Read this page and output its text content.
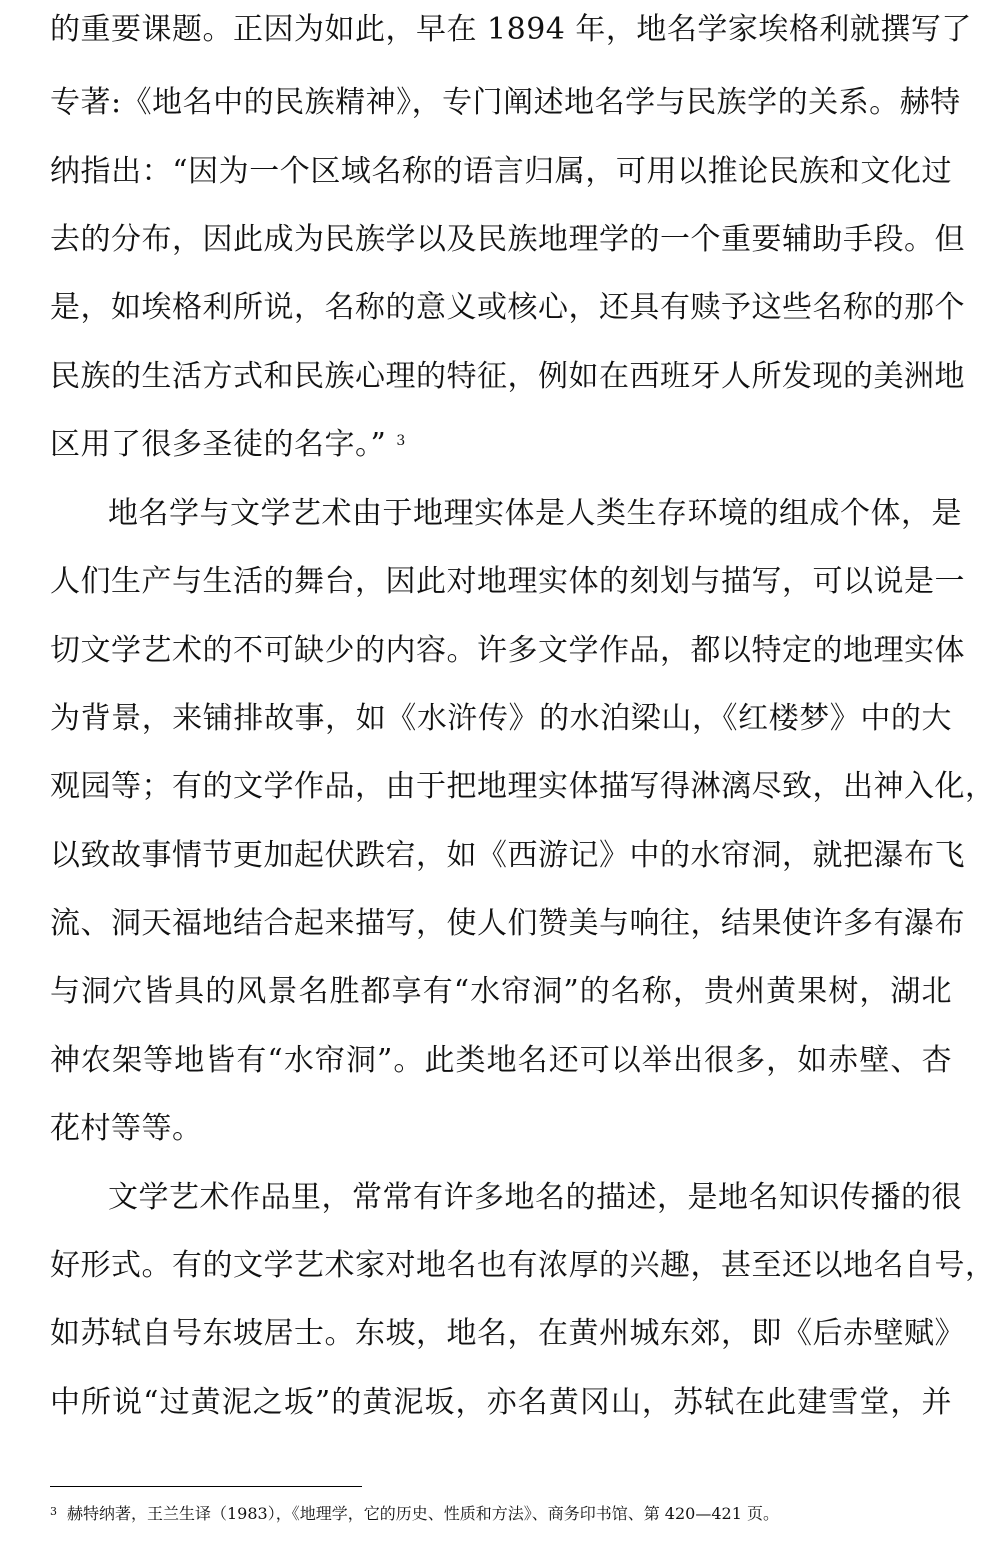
的重要课题。正因为如此，早在 1894 年，地名学家埃格利就撰写了
专著:《地名中的民族精神》，专门阐述地名学与民族学的关系。赫特
纳指出：“因为一个区域名称的语言归属，可用以推论民族和文化过
去的分布，因此成为民族学以及民族地理学的一个重要辅助手段。但
是，如埃格利所说，名称的意义或核心，还具有赎予这些名称的那个
民族的生活方式和民族心理的特征，例如在西班牙人所发现的美洲地
区用了很多圣徒的名字。” $^3$
地名学与文学艺术由于地理实体是人类生存环境的组成个体，是
人们生产与生活的舞台，因此对地理实体的刻划与描写，可以说是一
切文学艺术的不可缺少的内容。许多文学作品，都以特定的地理实体
为背景，来铺排故事，如《水浒传》的水泊梁山，《红楼梦》中的大
观园等；有的文学作品，由于把地理实体描写得淋漓尽致，出神入化，
以致故事情节更加起伏跌宕，如《西游记》中的水帘洞，就把瀑布飞
流、洞天福地结合起来描写，使人们赞美与响往，结果使许多有瀑布
与洞穴皆具的风景名胜都享有“水帘洞”的名称，贵州黄果树，湖北
神农架等地皆有“水帘洞”。此类地名还可以举出很多，如赤壁、杏
花村等等。
文学艺术作品里，常常有许多地名的描述，是地名知识传播的很
好形式。有的文学艺术家对地名也有浓厚的兴趣，甚至还以地名自号，
如苏轼自号东坡居士。东坡，地名，在黄州城东郊，即《后赤壁赋》
中所说“过黄泥之坂”的黄泥坂，亦名黄冈山，苏轼在此建雪堂，并
$^3$ 赫特纳著，王兰生译（1983），《地理学，它的历史、性质和方法》、商务印书馆、第 420—421 页。
